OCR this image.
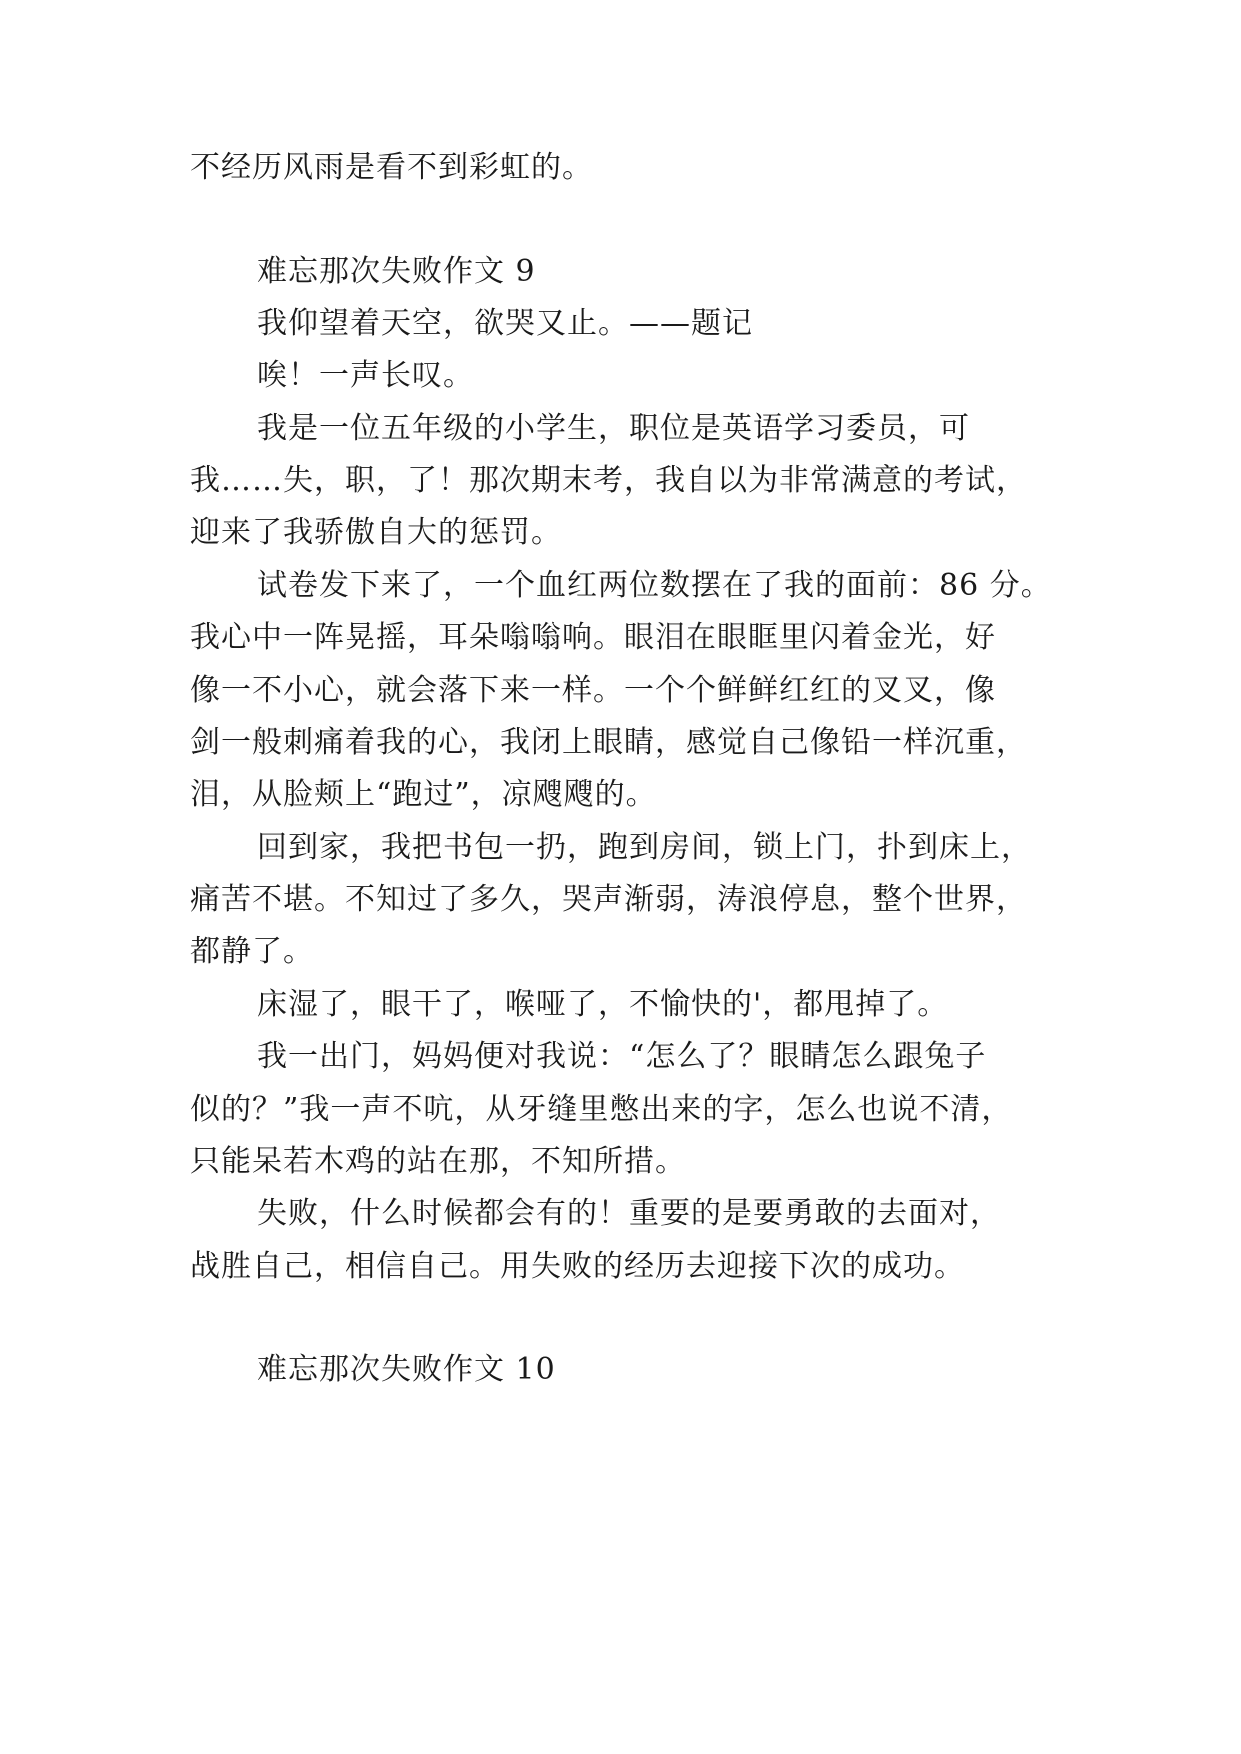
不经历风雨是看不到彩虹的。

难忘那次失败作文 9

我仰望着天空，欲哭又止。——题记

唉！一声长叹。

我是一位五年级的小学生，职位是英语学习委员，可

我……失，职，了！那次期末考，我自以为非常满意的考试，

迎来了我骄傲自大的惩罚。

试卷发下来了，一个血红两位数摆在了我的面前：86 分。

我心中一阵晃摇，耳朵嗡嗡响。眼泪在眼眶里闪着金光，好

像一不小心，就会落下来一样。一个个鲜鲜红红的叉叉，像

剑一般刺痛着我的心，我闭上眼睛，感觉自己像铅一样沉重，

泪，从脸颊上“跑过”，凉飕飕的。

回到家，我把书包一扔，跑到房间，锁上门，扑到床上，

痛苦不堪。不知过了多久，哭声渐弱，涛浪停息，整个世界，

都静了。

床湿了，眼干了，喉哑了，不愉快的'，都甩掉了。

我一出门，妈妈便对我说：“怎么了？眼睛怎么跟兔子

似的？”我一声不吭，从牙缝里憋出来的字，怎么也说不清，

只能呆若木鸡的站在那，不知所措。

失败，什么时候都会有的！重要的是要勇敢的去面对，

战胜自己，相信自己。用失败的经历去迎接下次的成功。

难忘那次失败作文 10
